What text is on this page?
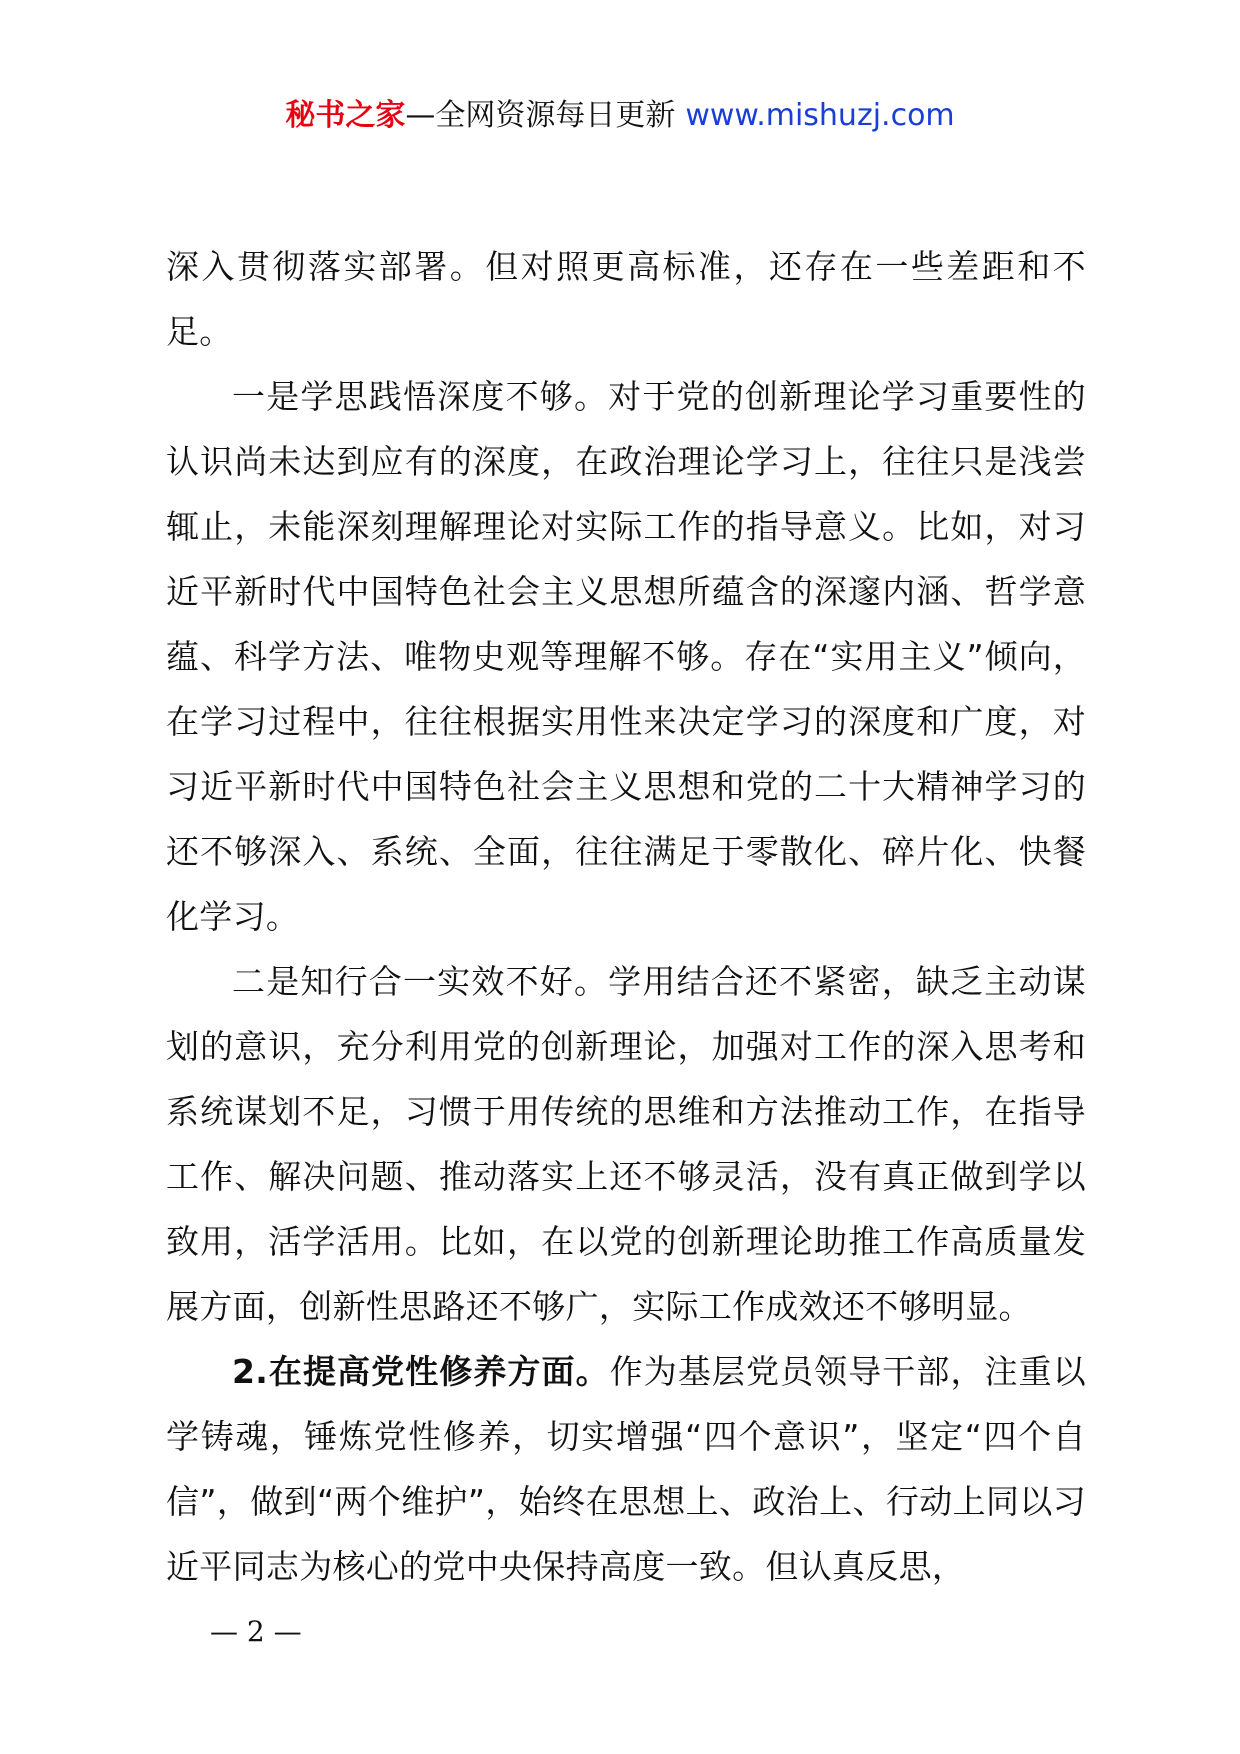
秘书之家—全网资源每日更新 www.mishuzj.com

深入贯彻落实部署。但对照更高标准，还存在一些差距和不足。

一是学思践悟深度不够。对于党的创新理论学习重要性的认识尚未达到应有的深度，在政治理论学习上，往往只是浅尝辄止，未能深刻理解理论对实际工作的指导意义。比如，对习近平新时代中国特色社会主义思想所蕴含的深邃内涵、哲学意蕴、科学方法、唯物史观等理解不够。存在“实用主义”倾向，在学习过程中，往往根据实用性来决定学习的深度和广度，对习近平新时代中国特色社会主义思想和党的二十大精神学习的还不够深入、系统、全面，往往满足于零散化、碎片化、快餐化学习。

二是知行合一实效不好。学用结合还不紧密，缺乏主动谋划的意识，充分利用党的创新理论，加强对工作的深入思考和系统谋划不足，习惯于用传统的思维和方法推动工作，在指导工作、解决问题、推动落实上还不够灵活，没有真正做到学以致用，活学活用。比如，在以党的创新理论助推工作高质量发展方面，创新性思路还不够广，实际工作成效还不够明显。

2.在提高党性修养方面。作为基层党员领导干部，注重以学铸魂，锤炼党性修养，切实增强“四个意识”，坚定“四个自信”，做到“两个维护”，始终在思想上、政治上、行动上同以习近平同志为核心的党中央保持高度一致。但认真反思，

— 2 —
